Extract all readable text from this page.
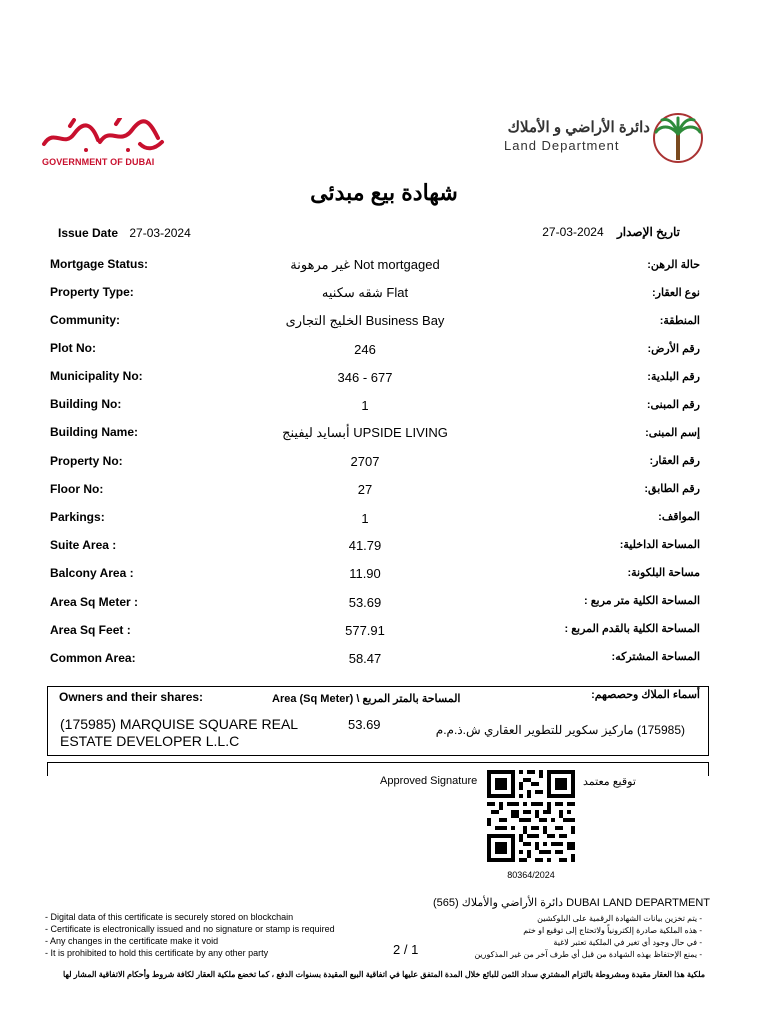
GOVERNMENT OF DUBAI
دائرة الأراضي و الأملاك
Land Department
شهادة بيع مبدئى
Issue Date 27-03-2024	27-03-2024 تاريخ الإصدار
Mortgage Status:	غير مرهونة Not mortgaged	حالة الرهن:
Property Type:	شقه سكنيه Flat	نوع العقار:
Community:	الخليج التجارى Business Bay	المنطقة:
Plot No:	246	رقم الأرض:
Municipality No:	346 - 677	رقم البلدية:
Building No:	1	رقم المبنى:
Building Name:	أبسايد ليفينج UPSIDE LIVING	إسم المبنى:
Property No:	2707	رقم العقار:
Floor No:	27	رقم الطابق:
Parkings:	1	المواقف:
Suite Area :	41.79	المساحة الداخلية:
Balcony Area :	11.90	مساحة البلكونة:
Area Sq Meter :	53.69	المساحة الكلية متر مربع :
Area Sq Feet :	577.91	المساحة الكلية بالقدم المربع :
Common Area:	58.47	المساحة المشتركه:
Owners and their shares:	Area (Sq Meter) \ المساحة بالمتر المربع	أسماء الملاك وحصصهم:
(175985) MARQUISE SQUARE REAL ESTATE DEVELOPER L.L.C
53.69	(175985) ماركيز سكوير للتطوير العقاري ش.ذ.م.م
Approved Signature	توقيع معتمد
80364/2024
دائرة الأراضي والأملاك (565) DUBAI LAND DEPARTMENT
- Digital data of this certificate is securely stored on blockchain
- Certificate is electronically issued and no signature or stamp is required
- Any changes in the certificate make it void
- It is prohibited to hold this certificate by any other party
- يتم تخزين بيانات الشهادة الرقمية على البلوكشين
- هذه الملكية صادرة إلكترونياً ولاتحتاج إلى توقيع او ختم
- في حال وجود أي تغير في الملكية تعتبر لاغية
- يمنع الإحتفاظ بهذه الشهادة من قبل أي طرف آخر من غير المذكورين
2 / 1
ملكية هذا العقار مقيدة ومشروطة بالتزام المشتري سداد الثمن للبائع خلال المدة المتفق عليها في اتفاقية البيع المقيدة بسنوات الدفع ، كما تخضع ملكية العقار لكافة شروط وأحكام الاتفاقية المشار لها
